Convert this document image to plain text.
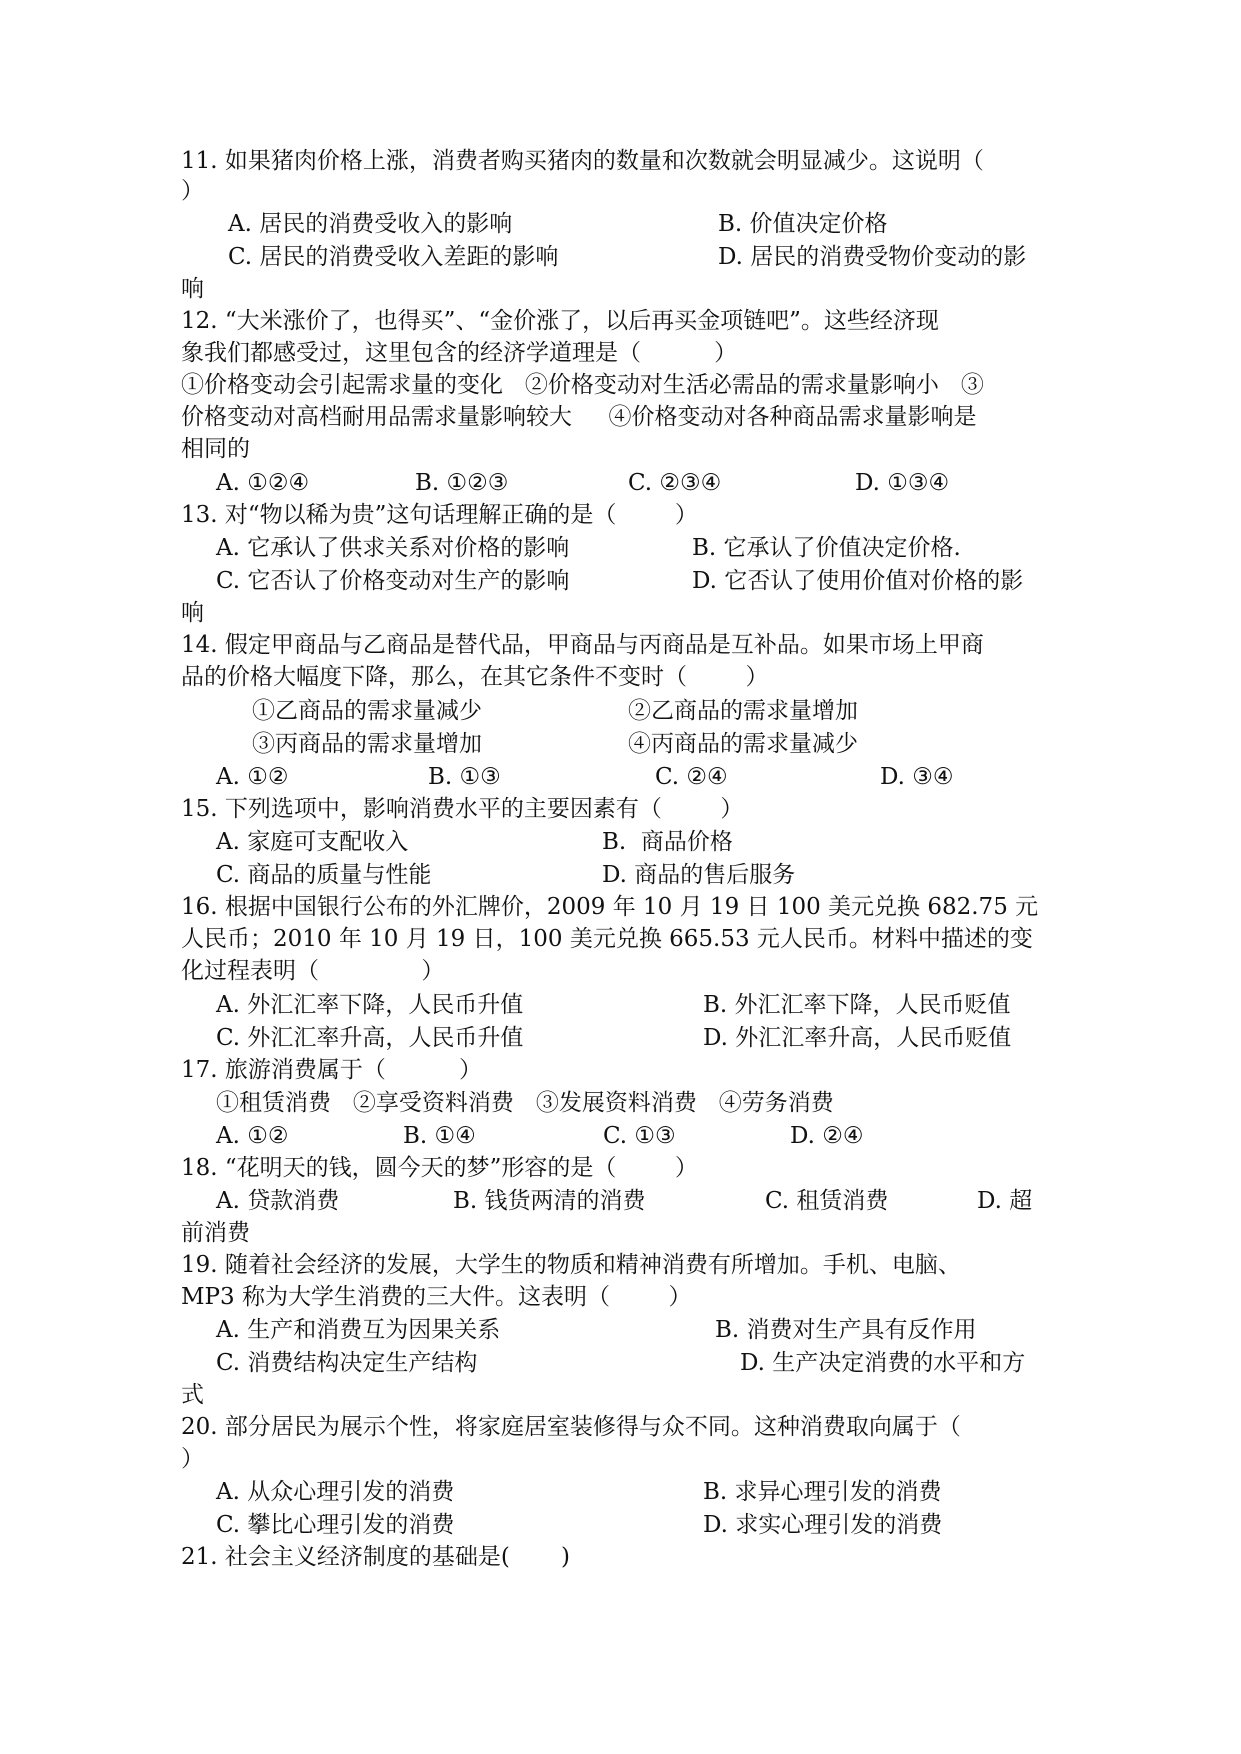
11. 如果猪肉价格上涨，消费者购买猪肉的数量和次数就会明显减少。这说明（
）
A. 居民的消费受收入的影响	B. 价值决定价格
C. 居民的消费受收入差距的影响	D. 居民的消费受物价变动的影
响
12. “大米涨价了，也得买”、“金价涨了，以后再买金项链吧”。这些经济现
象我们都感受过，这里包含的经济学道理是（          ）
①价格变动会引起需求量的变化   ②价格变动对生活必需品的需求量影响小   ③
价格变动对高档耐用品需求量影响较大     ④价格变动对各种商品需求量影响是
相同的
A. ①②④	B. ①②③	C. ②③④	D. ①③④
13. 对“物以稀为贵”这句话理解正确的是（        ）
A. 它承认了供求关系对价格的影响	B. 它承认了价值决定价格.
C. 它否认了价格变动对生产的影响	D. 它否认了使用价值对价格的影
响
14. 假定甲商品与乙商品是替代品，甲商品与丙商品是互补品。如果市场上甲商
品的价格大幅度下降，那么，在其它条件不变时（        ）
①乙商品的需求量减少	②乙商品的需求量增加
③丙商品的需求量增加	④丙商品的需求量减少
A. ①②	B. ①③	C. ②④	D. ③④
15. 下列选项中，影响消费水平的主要因素有（        ）
A. 家庭可支配收入	B.  商品价格
C. 商品的质量与性能	D. 商品的售后服务
16. 根据中国银行公布的外汇牌价，2009 年 10 月 19 日 100 美元兑换 682.75 元
人民币；2010 年 10 月 19 日，100 美元兑换 665.53 元人民币。材料中描述的变
化过程表明（              ）
A. 外汇汇率下降，人民币升值	B. 外汇汇率下降，人民币贬值
C. 外汇汇率升高，人民币升值	D. 外汇汇率升高，人民币贬值
17. 旅游消费属于（          ）
①租赁消费   ②享受资料消费   ③发展资料消费   ④劳务消费
A. ①②	B. ①④	C. ①③	D. ②④
18. “花明天的钱，圆今天的梦”形容的是（        ）
A. 贷款消费	B. 钱货两清的消费	C. 租赁消费	D. 超
前消费
19. 随着社会经济的发展，大学生的物质和精神消费有所增加。手机、电脑、
MP3 称为大学生消费的三大件。这表明（        ）
A. 生产和消费互为因果关系	B. 消费对生产具有反作用
C. 消费结构决定生产结构	D. 生产决定消费的水平和方
式
20. 部分居民为展示个性，将家庭居室装修得与众不同。这种消费取向属于（
）
A. 从众心理引发的消费	B. 求异心理引发的消费
C. 攀比心理引发的消费	D. 求实心理引发的消费
21. 社会主义经济制度的基础是(       )
